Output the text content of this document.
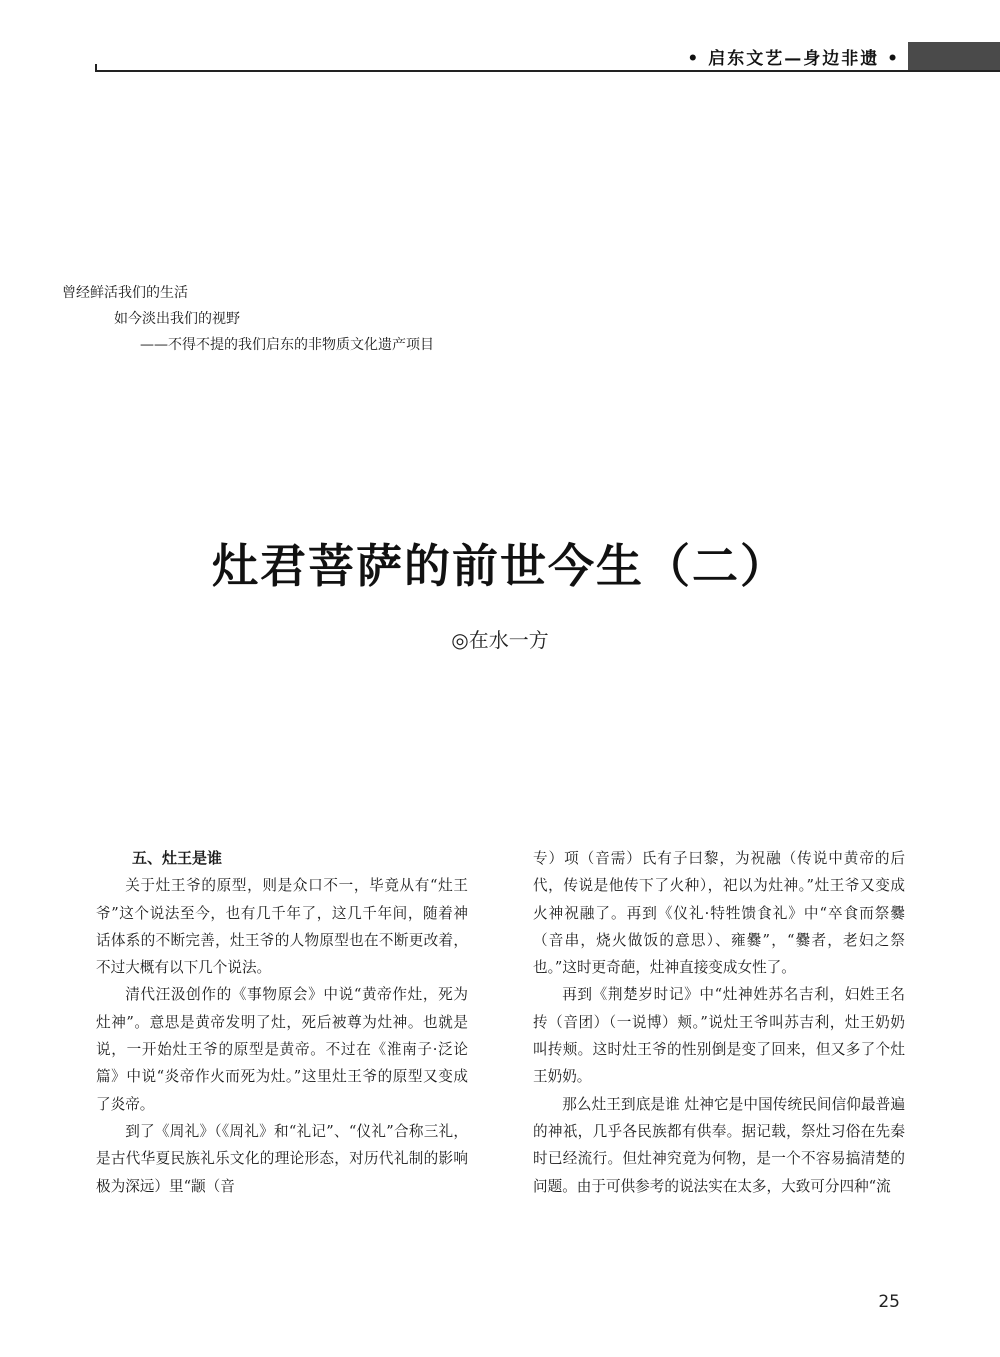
• 启东文艺—身边非遗 •
曾经鲜活我们的生活
如今淡出我们的视野
——不得不提的我们启东的非物质文化遗产项目
灶君菩萨的前世今生（二）
◎在水一方

五、灶王是谁

关于灶王爷的原型，则是众口不一，毕竟从有“灶王爷”这个说法至今，也有几千年了，这几千年间，随着神话体系的不断完善，灶王爷的人物原型也在不断更改着，不过大概有以下几个说法。

清代汪汲创作的《事物原会》中说“黄帝作灶，死为灶神”。意思是黄帝发明了灶，死后被尊为灶神。也就是说，一开始灶王爷的原型是黄帝。不过在《淮南子·泛论篇》中说“炎帝作火而死为灶。”这里灶王爷的原型又变成了炎帝。

到了《周礼》（《周礼》和“礼记”、“仪礼”合称三礼，是古代华夏民族礼乐文化的理论形态，对历代礼制的影响极为深远）里“颛（音

专）项（音需）氏有子曰黎，为祝融（传说中黄帝的后代，传说是他传下了火种），祀以为灶神。”灶王爷又变成火神祝融了。再到《仪礼·特牲馈食礼》中“卒食而祭爨（音串，烧火做饭的意思）、雍爨”，“爨者，老妇之祭也。”这时更奇葩，灶神直接变成女性了。

再到《荆楚岁时记》中“灶神姓苏名吉利，妇姓王名抟（音团）（一说博）颊。”说灶王爷叫苏吉利，灶王奶奶叫抟颊。这时灶王爷的性别倒是变了回来，但又多了个灶王奶奶。

那么灶王到底是谁 灶神它是中国传统民间信仰最普遍的神祇，几乎各民族都有供奉。据记载，祭灶习俗在先秦时已经流行。但灶神究竟为何物，是一个不容易搞清楚的问题。由于可供参考的说法实在太多，大致可分四种“流

25
